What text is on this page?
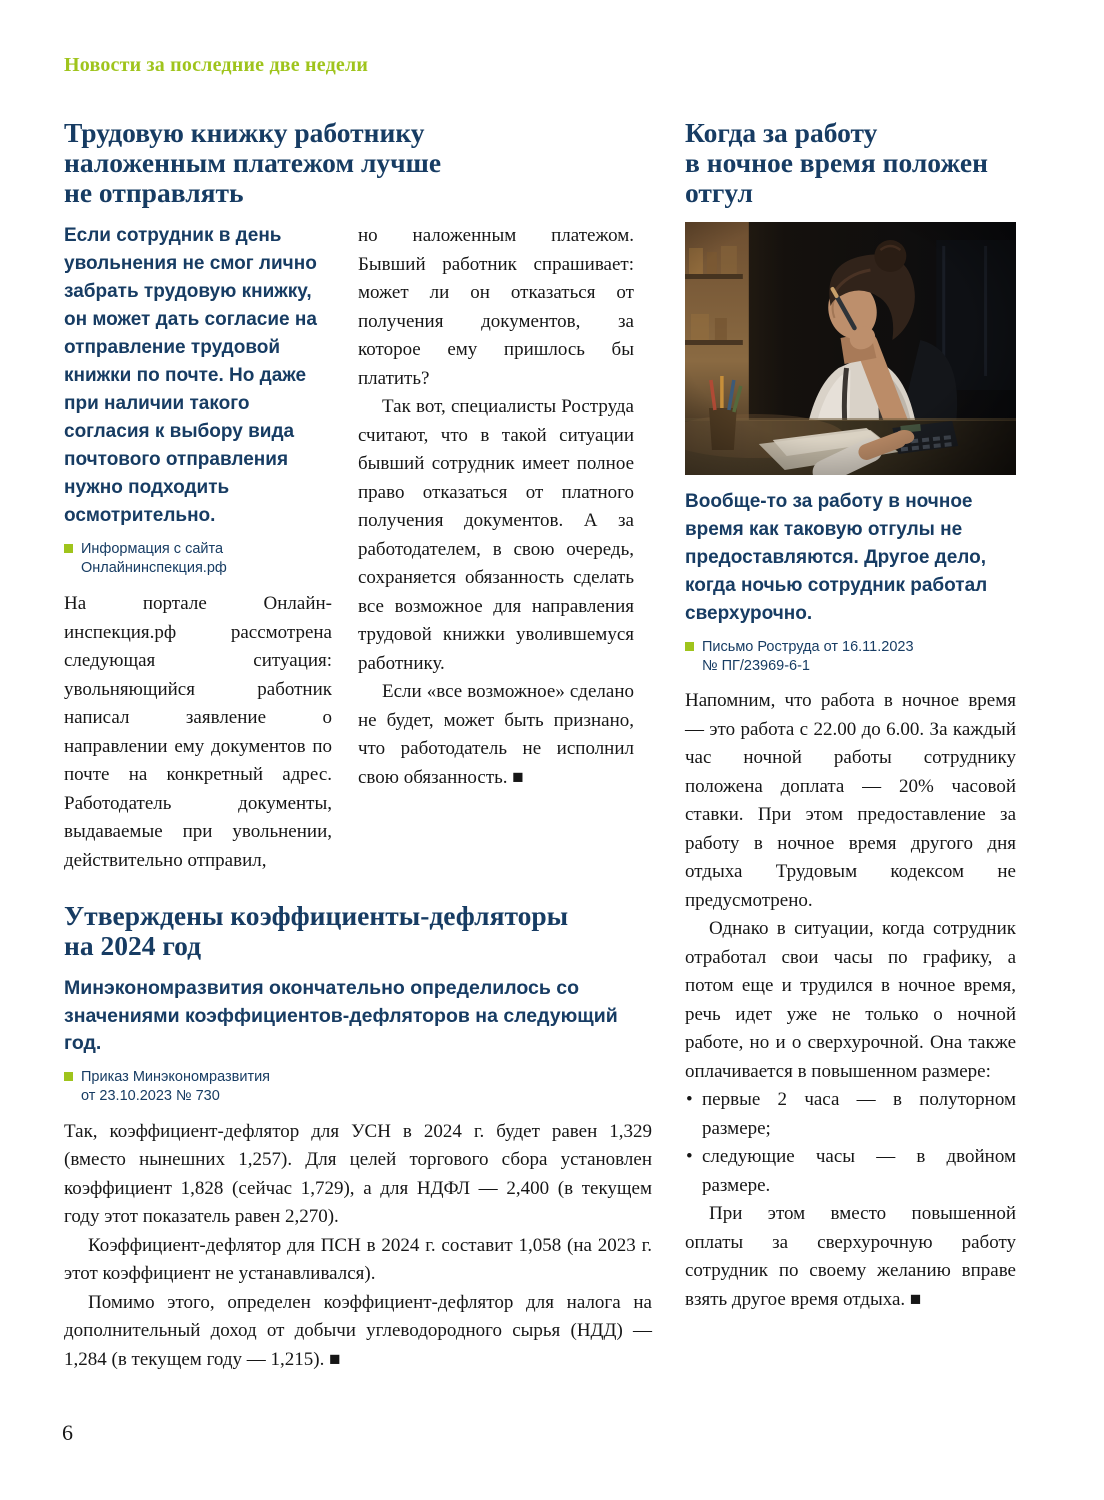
Новости за последние две недели
Трудовую книжку работнику
наложенным платежом лучше
не отправлять

Если сотрудник в день увольнения не смог лично забрать трудовую книжку, он может дать согласие на отправление трудовой книжки по почте. Но даже при наличии такого согласия к выбору вида почтового отправления нужно подходить осмотрительно.

Информация с сайта
Онлайнинспекция.рф

На портале Онлайн-инспекция.рф рассмотрена следующая ситуация: увольняющийся работник написал заявление о направлении ему документов по почте на конкретный адрес. Работодатель документы, выдаваемые при увольнении, действительно отправил,

но наложенным платежом. Бывший работник спрашивает: может ли он отказаться от получения документов, за которое ему пришлось бы платить?

Так вот, специалисты Роструда считают, что в такой ситуации бывший сотрудник имеет полное право отказаться от платного получения документов. А за работодателем, в свою очередь, сохраняется обязанность сделать все возможное для направления трудовой книжки уволившемуся работнику.

Если «все возможное» сделано не будет, может быть признано, что работодатель не исполнил свою обязанность. ■

Утверждены коэффициенты-дефляторы
на 2024 год

Минэкономразвития окончательно определилось со значениями коэффициентов-дефляторов на следующий год.

Приказ Минэкономразвития
от 23.10.2023 № 730

Так, коэффициент-дефлятор для УСН в 2024 г. будет равен 1,329 (вместо нынешних 1,257). Для целей торгового сбора установлен коэффициент 1,828 (сейчас 1,729), а для НДФЛ — 2,400 (в текущем году этот показатель равен 2,270).

Коэффициент-дефлятор для ПСН в 2024 г. составит 1,058 (на 2023 г. этот коэффициент не устанавливался).

Помимо этого, определен коэффициент-дефлятор для налога на дополнительный доход от добычи углеводородного сырья (НДД) — 1,284 (в текущем году — 1,215). ■

Когда за работу
в ночное время положен
отгул

Вообще-то за работу в ночное время как таковую отгулы не предоставляются. Другое дело, когда ночью сотрудник работал сверхурочно.

Письмо Роструда от 16.11.2023
№ ПГ/23969-6-1

Напомним, что работа в ночное время — это работа с 22.00 до 6.00. За каждый час ночной работы сотруднику положена доплата — 20% часовой ставки. При этом предоставление за работу в ночное время другого дня отдыха Трудовым кодексом не предусмотрено.

Однако в ситуации, когда сотрудник отработал свои часы по графику, а потом еще и трудился в ночное время, речь идет уже не только о ночной работе, но и о сверхурочной. Она также оплачивается в повышенном размере:

• первые 2 часа — в полуторном размере;
• следующие часы — в двойном размере.

При этом вместо повышенной оплаты за сверхурочную работу сотрудник по своему желанию вправе взять другое время отдыха. ■

6
